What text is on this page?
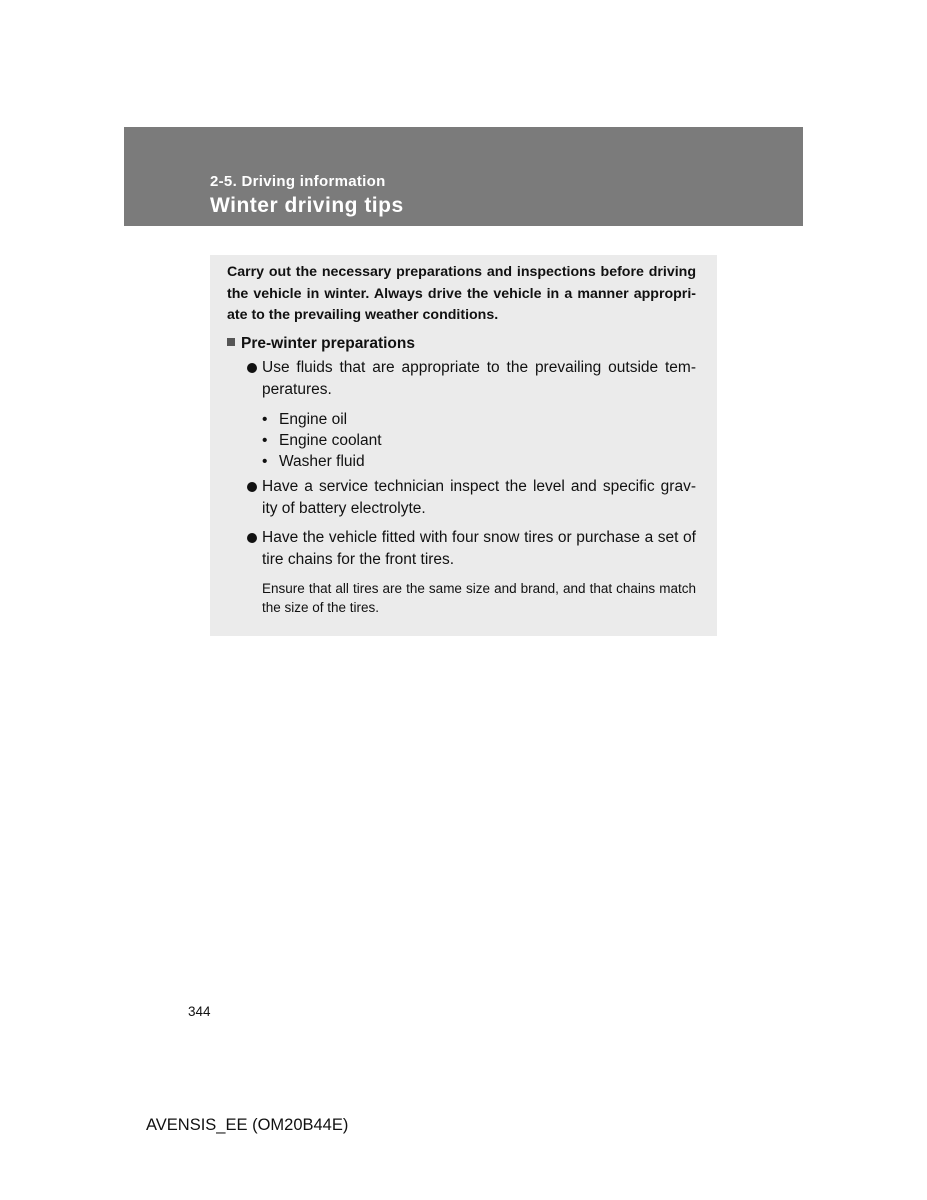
2-5. Driving information
Winter driving tips
Carry out the necessary preparations and inspections before driving the vehicle in winter. Always drive the vehicle in a manner appropri- ate to the prevailing weather conditions.
Pre-winter preparations
Use fluids that are appropriate to the prevailing outside tem- peratures.
• Engine oil
• Engine coolant
• Washer fluid
Have a service technician inspect the level and specific grav- ity of battery electrolyte.
Have the vehicle fitted with four snow tires or purchase a set of tire chains for the front tires.
Ensure that all tires are the same size and brand, and that chains match the size of the tires.
344
AVENSIS_EE (OM20B44E)
